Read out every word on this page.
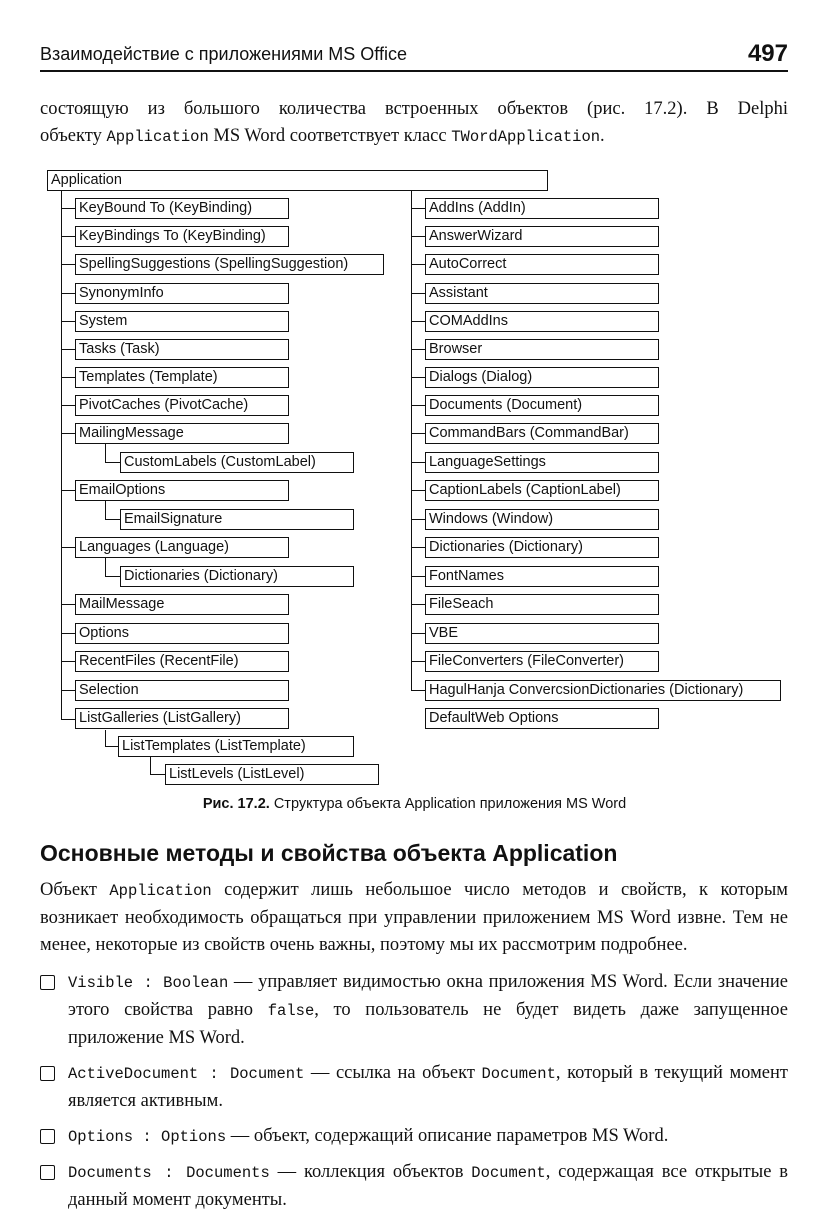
Взаимодействие с приложениями MS Office	497
состоящую из большого количества встроенных объектов (рис. 17.2). В Delphi
объекту Application MS Word соответствует класс TWordApplication.
Application
KeyBound To (KeyBinding)
KeyBindings To (KeyBinding)
SpellingSuggestions (SpellingSuggestion)
SynonymInfo
System
Tasks (Task)
Templates (Template)
PivotCaches (PivotCache)
MailingMessage
CustomLabels (CustomLabel)
EmailOptions
EmailSignature
Languages (Language)
Dictionaries (Dictionary)
MailMessage
Options
RecentFiles (RecentFile)
Selection
ListGalleries (ListGallery)
ListTemplates (ListTemplate)
ListLevels (ListLevel)
AddIns (AddIn)
AnswerWizard
AutoCorrect
Assistant
COMAddIns
Browser
Dialogs (Dialog)
Documents (Document)
CommandBars (CommandBar)
LanguageSettings
CaptionLabels (CaptionLabel)
Windows (Window)
Dictionaries (Dictionary)
FontNames
FileSeach
VBE
FileConverters (FileConverter)
HagulHanja ConvercsionDictionaries (Dictionary)
DefaultWeb Options
Рис. 17.2. Структура объекта Application приложения MS Word
Основные методы и свойства объекта Application
Объект Application содержит лишь небольшое число методов и свойств, к которым возникает необходимость обращаться при управлении приложением MS Word извне. Тем не менее, некоторые из свойств очень важны, поэтому мы их рассмотрим подробнее.
Visible : Boolean — управляет видимостью окна приложения MS Word. Если значение этого свойства равно false, то пользователь не будет видеть даже запущенное приложение MS Word.
ActiveDocument : Document — ссылка на объект Document, который в текущий момент является активным.
Options : Options — объект, содержащий описание параметров MS Word.
Documents : Documents — коллекция объектов Document, содержащая все открытые в данный момент документы.
